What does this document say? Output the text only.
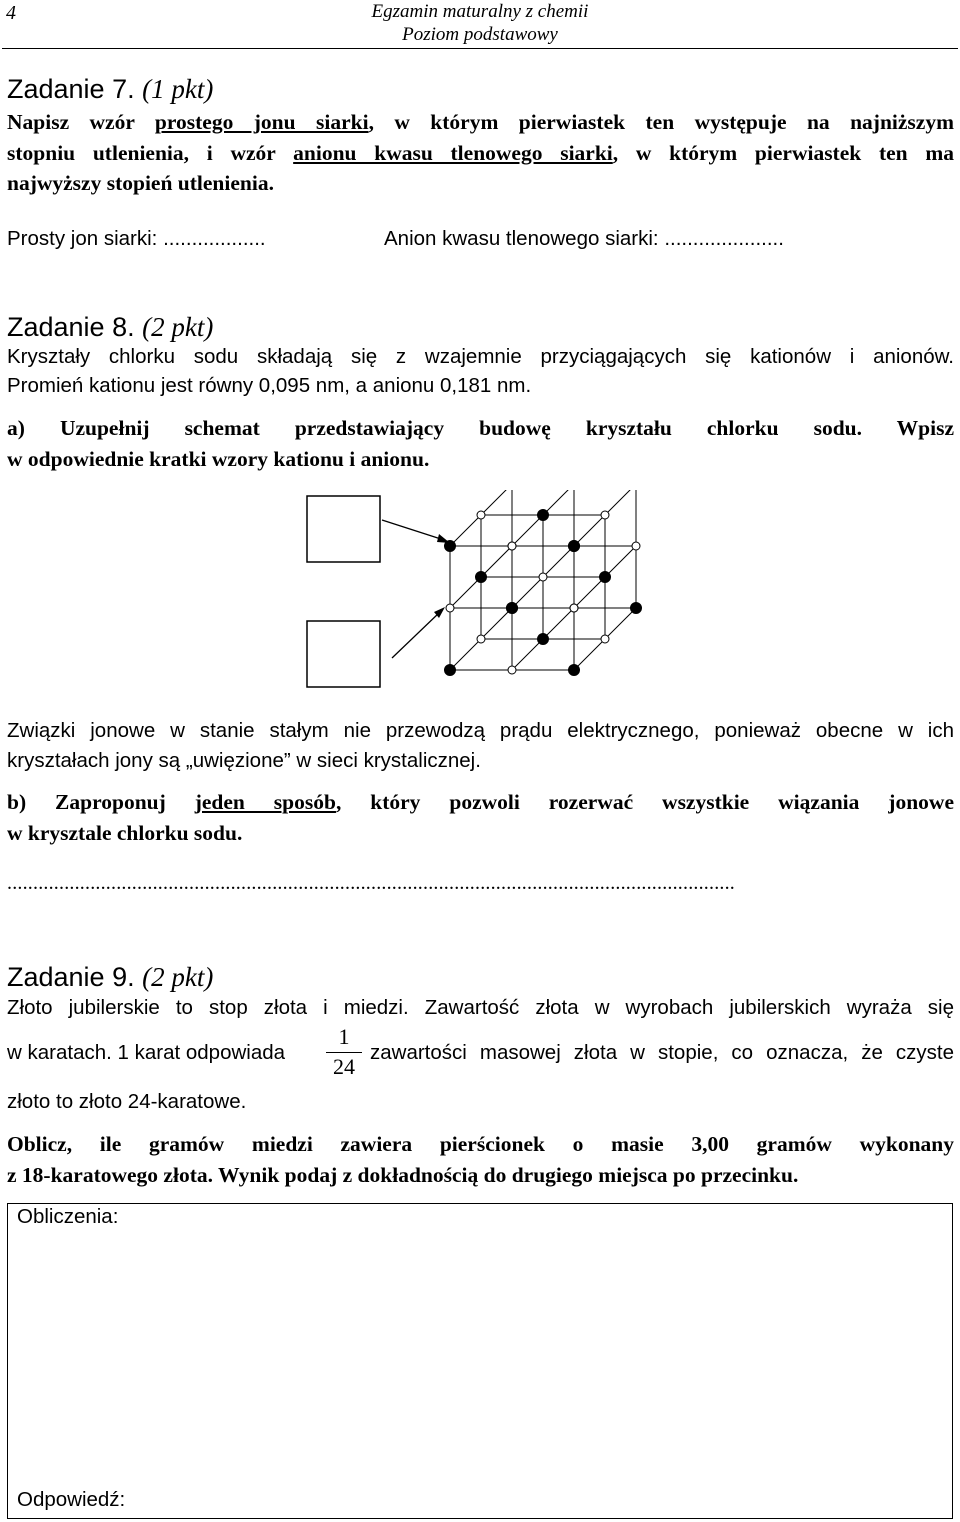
4	Egzamin maturalny z chemii
Poziom podstawowy
Zadanie 7. (1 pkt)
Napisz wzór prostego jonu siarki, w którym pierwiastek ten występuje na najniższym
stopniu utlenienia, i wzór anionu kwasu tlenowego siarki, w którym pierwiastek ten ma
najwyższy stopień utlenienia.
Prosty jon siarki: ..................	Anion kwasu tlenowego siarki: .....................
Zadanie 8. (2 pkt)
Kryształy chlorku sodu składają się z wzajemnie przyciągających się kationów i anionów.
Promień kationu jest równy 0,095 nm, a anionu 0,181 nm.
a) Uzupełnij schemat przedstawiający budowę kryształu chlorku sodu. Wpisz
w odpowiednie kratki wzory kationu i anionu.
Związki jonowe w stanie stałym nie przewodzą prądu elektrycznego, ponieważ obecne w ich
kryształach jony są „uwięzione” w sieci krystalicznej.
b) Zaproponuj jeden sposób, który pozwoli rozerwać wszystkie wiązania jonowe
w krysztale chlorku sodu.
............................................................................................................................................
Zadanie 9. (2 pkt)
Złoto jubilerskie to stop złota i miedzi. Zawartość złota w wyrobach jubilerskich wyraża się
w karatach. 1 karat odpowiada
1
24
zawartości masowej złota w stopie, co oznacza, że czyste
złoto to złoto 24-karatowe.
Oblicz, ile gramów miedzi zawiera pierścionek o masie 3,00 gramów wykonany
z 18-karatowego złota. Wynik podaj z dokładnością do drugiego miejsca po przecinku.
Obliczenia:
Odpowiedź:
